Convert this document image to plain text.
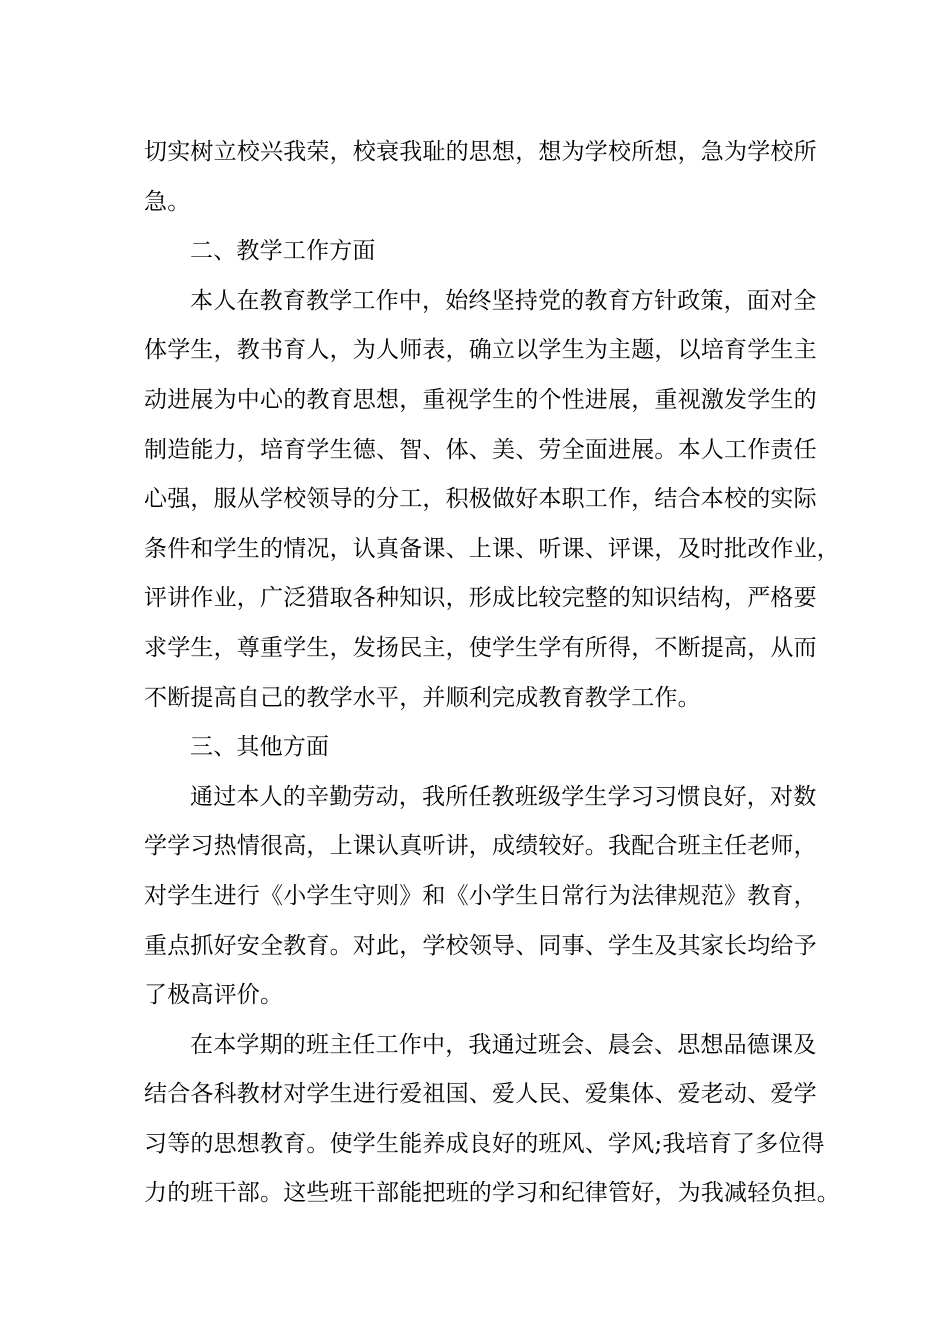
切实树立校兴我荣，校衰我耻的思想，想为学校所想，急为学校所
急。
二、教学工作方面
本人在教育教学工作中，始终坚持党的教育方针政策，面对全
体学生，教书育人，为人师表，确立以学生为主题，以培育学生主
动进展为中心的教育思想，重视学生的个性进展，重视激发学生的
制造能力，培育学生德、智、体、美、劳全面进展。本人工作责任
心强，服从学校领导的分工，积极做好本职工作，结合本校的实际
条件和学生的情况，认真备课、上课、听课、评课，及时批改作业，
评讲作业，广泛猎取各种知识，形成比较完整的知识结构，严格要
求学生，尊重学生，发扬民主，使学生学有所得，不断提高，从而
不断提高自己的教学水平，并顺利完成教育教学工作。
三、其他方面
通过本人的辛勤劳动，我所任教班级学生学习习惯良好，对数
学学习热情很高，上课认真听讲，成绩较好。我配合班主任老师，
对学生进行《小学生守则》和《小学生日常行为法律规范》教育，
重点抓好安全教育。对此，学校领导、同事、学生及其家长均给予
了极高评价。
在本学期的班主任工作中，我通过班会、晨会、思想品德课及
结合各科教材对学生进行爱祖国、爱人民、爱集体、爱老动、爱学
习等的思想教育。使学生能养成良好的班风、学风;我培育了多位得
力的班干部。这些班干部能把班的学习和纪律管好，为我减轻负担。
